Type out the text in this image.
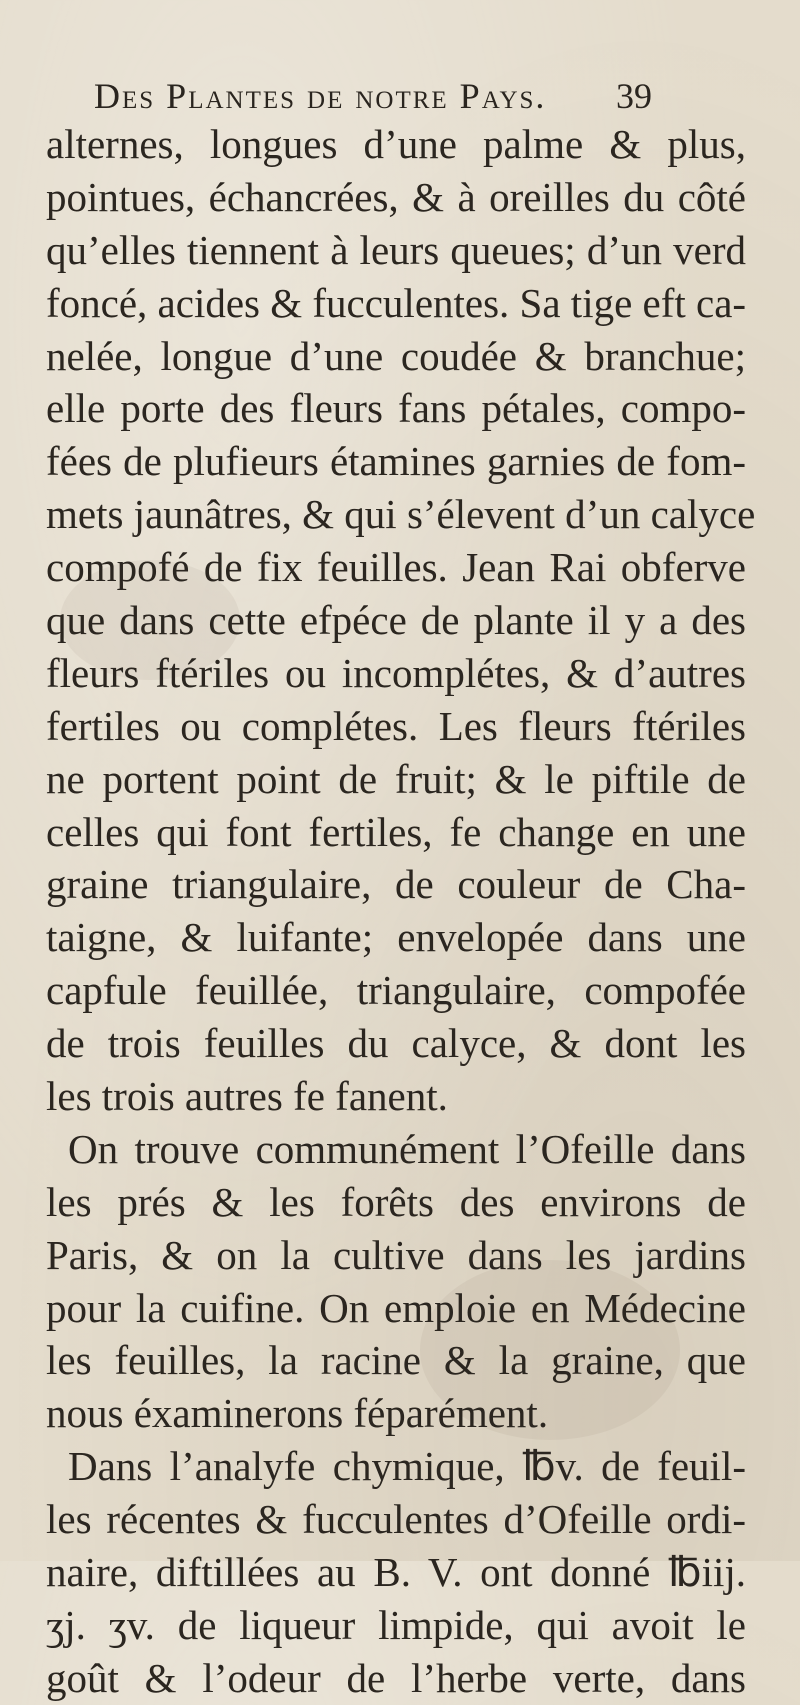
Des Plantes de notre Pays.	39
alternes, longues d’une palme & plus,
pointues, échancrées, & à oreilles du côté
qu’elles tiennent à leurs queues; d’un verd
foncé, acides & fucculentes. Sa tige eft ca-
nelée, longue d’une coudée & branchue;
elle porte des fleurs fans pétales, compo-
fées de plufieurs étamines garnies de fom-
mets jaunâtres, & qui s’élevent d’un calyce
compofé de fix feuilles. Jean Rai obferve
que dans cette efpéce de plante il y a des
fleurs ftériles ou incomplétes, & d’autres
fertiles ou complétes. Les fleurs ftériles
ne portent point de fruit; & le piftile de
celles qui font fertiles, fe change en une
graine triangulaire, de couleur de Cha-
taigne, & luifante; envelopée dans une
capfule feuillée, triangulaire, compofée
de trois feuilles du calyce, & dont les
les trois autres fe fanent.
On trouve communément l’Ofeille dans
les prés & les forêts des environs de
Paris, & on la cultive dans les jardins
pour la cuifine. On emploie en Médecine
les feuilles, la racine & la graine, que
nous éxaminerons féparément.
Dans l’analyfe chymique, ℔v. de feuil-
les récentes & fucculentes d’Ofeille ordi-
naire, diftillées au B. V. ont donné ℔iij.
ʒj. ʒv. de liqueur limpide, qui avoit le
goût & l’odeur de l’herbe verte, dans
